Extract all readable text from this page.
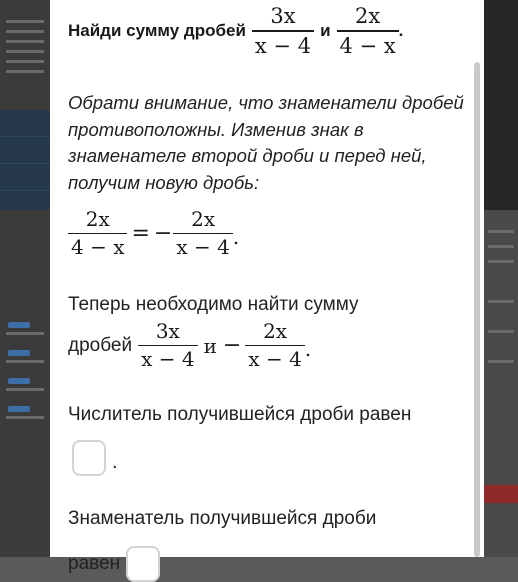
Найди сумму дробей $\frac{3x}{x - 4}$ и $\frac{2x}{4 - x}$ .
Обрати внимание, что знаменатели дробей противоположны. Изменив знак в знаменателе второй дроби и перед ней, получим новую дробь:
$\frac{2x}{4 - x}$ = − $\frac{2x}{x - 4}$ .
Теперь необходимо найти сумму
дробей $\frac{3x}{x - 4}$ $и - \frac{2x}{x - 4}$ .
Числитель получившейся дроби равен
.
Знаменатель получившейся дроби
равен
